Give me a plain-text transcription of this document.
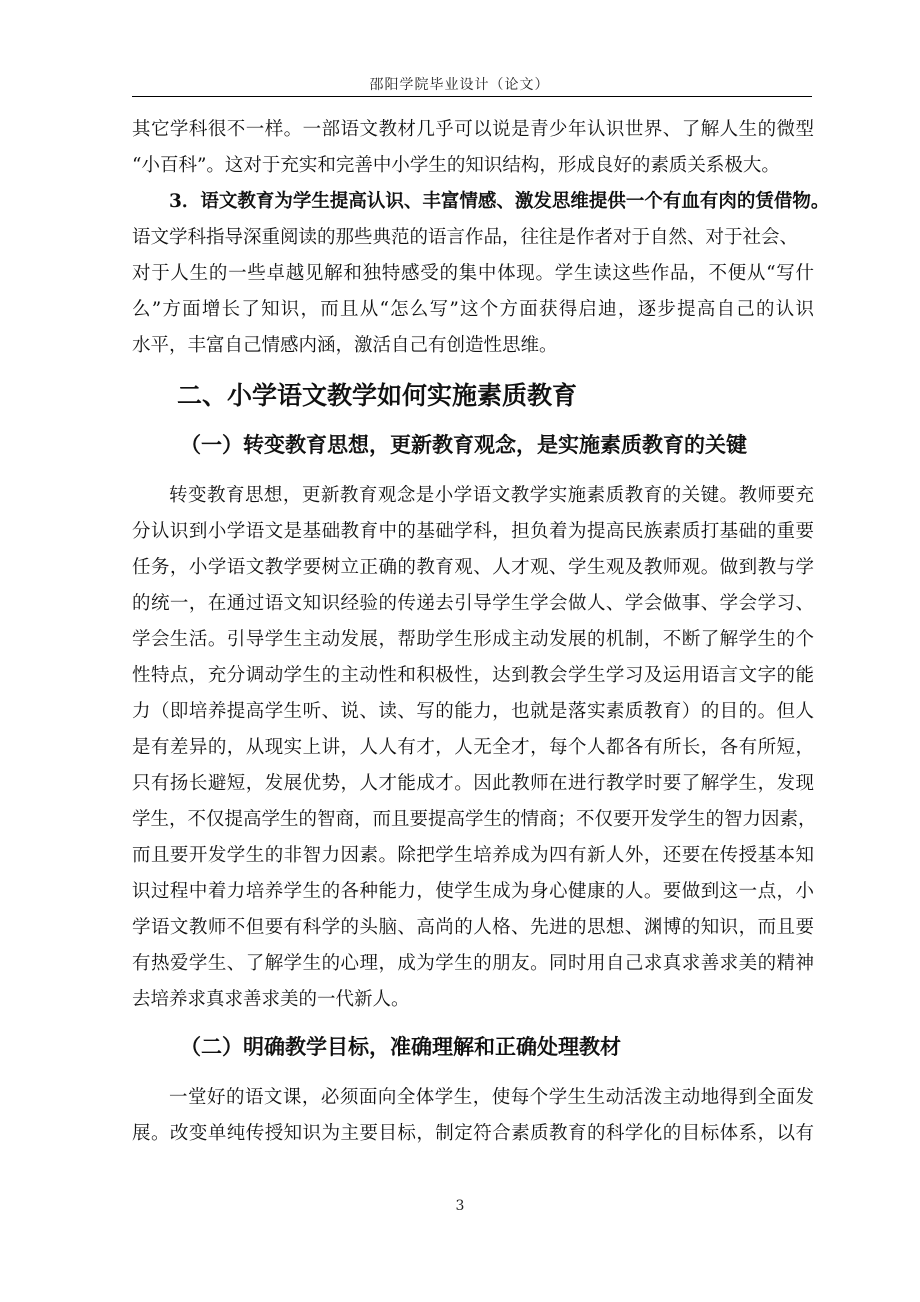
邵阳学院毕业设计（论文）
其它学科很不一样。一部语文教材几乎可以说是青少年认识世界、了解人生的微型
“小百科”。这对于充实和完善中小学生的知识结构，形成良好的素质关系极大。
3．语文教育为学生提高认识、丰富情感、激发思维提供一个有血有肉的赁借物。
语文学科指导深重阅读的那些典范的语言作品，往往是作者对于自然、对于社会、
对于人生的一些卓越见解和独特感受的集中体现。学生读这些作品，不便从“写什
么”方面增长了知识，而且从“怎么写”这个方面获得启迪，逐步提高自己的认识
水平，丰富自己情感内涵，激活自己有创造性思维。
二、小学语文教学如何实施素质教育
（一）转变教育思想，更新教育观念，是实施素质教育的关键
转变教育思想，更新教育观念是小学语文教学实施素质教育的关键。教师要充
分认识到小学语文是基础教育中的基础学科，担负着为提高民族素质打基础的重要
任务，小学语文教学要树立正确的教育观、人才观、学生观及教师观。做到教与学
的统一，在通过语文知识经验的传递去引导学生学会做人、学会做事、学会学习、
学会生活。引导学生主动发展，帮助学生形成主动发展的机制，不断了解学生的个
性特点，充分调动学生的主动性和积极性，达到教会学生学习及运用语言文字的能
力（即培养提高学生听、说、读、写的能力，也就是落实素质教育）的目的。但人
是有差异的，从现实上讲，人人有才，人无全才，每个人都各有所长，各有所短，
只有扬长避短，发展优势，人才能成才。因此教师在进行教学时要了解学生，发现
学生，不仅提高学生的智商，而且要提高学生的情商；不仅要开发学生的智力因素，
而且要开发学生的非智力因素。除把学生培养成为四有新人外，还要在传授基本知
识过程中着力培养学生的各种能力，使学生成为身心健康的人。要做到这一点，小
学语文教师不但要有科学的头脑、高尚的人格、先进的思想、渊博的知识，而且要
有热爱学生、了解学生的心理，成为学生的朋友。同时用自己求真求善求美的精神
去培养求真求善求美的一代新人。
（二）明确教学目标，准确理解和正确处理教材
一堂好的语文课，必须面向全体学生，使每个学生生动活泼主动地得到全面发
展。改变单纯传授知识为主要目标，制定符合素质教育的科学化的目标体系，以有
3
